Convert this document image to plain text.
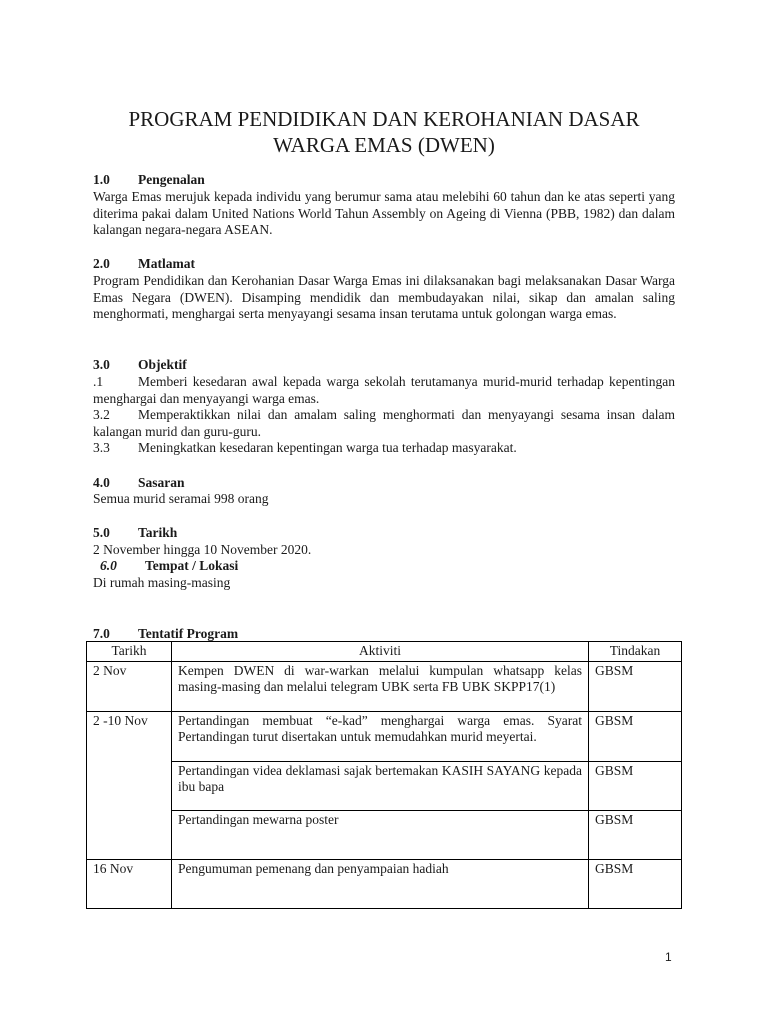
PROGRAM PENDIDIKAN DAN KEROHANIAN DASAR
WARGA EMAS (DWEN)
1.0 Pengenalan
Warga Emas merujuk kepada individu yang berumur sama atau melebihi 60 tahun dan ke atas seperti yang diterima pakai dalam United Nations World Tahun Assembly on Ageing di Vienna (PBB, 1982) dan dalam kalangan negara-negara ASEAN.
2.0 Matlamat
Program Pendidikan dan Kerohanian Dasar Warga Emas ini dilaksanakan bagi melaksanakan Dasar Warga Emas Negara (DWEN). Disamping mendidik dan membudayakan nilai, sikap dan amalan saling menghormati, menghargai serta menyayangi sesama insan terutama untuk golongan warga emas.
3.0 Objektif
.1	Memberi kesedaran awal kepada warga sekolah terutamanya murid-murid terhadap kepentingan menghargai dan menyayangi warga emas.
3.2 Memperaktikkan nilai dan amalam saling menghormati dan menyayangi sesama insan dalam kalangan murid dan guru-guru.
3.3 Meningkatkan kesedaran kepentingan warga tua terhadap masyarakat.
4.0 Sasaran
Semua murid seramai 998 orang
5.0 Tarikh
2 November hingga 10 November 2020.
6.0 Tempat / Lokasi
Di rumah masing-masing
7.0 Tentatif Program
Tarikh	Aktiviti	Tindakan
2 Nov	Kempen DWEN di war-warkan melalui kumpulan whatsapp kelas masing-masing dan melalui telegram UBK serta FB UBK SKPP17(1)	GBSM
2 -10 Nov	Pertandingan membuat “e-kad” menghargai warga emas. Syarat Pertandingan turut disertakan untuk memudahkan murid meyertai.	GBSM
	Pertandingan videa deklamasi sajak bertemakan KASIH SAYANG kepada ibu bapa	GBSM
	Pertandingan mewarna poster	GBSM
16 Nov	Pengumuman pemenang dan penyampaian hadiah	GBSM
1
